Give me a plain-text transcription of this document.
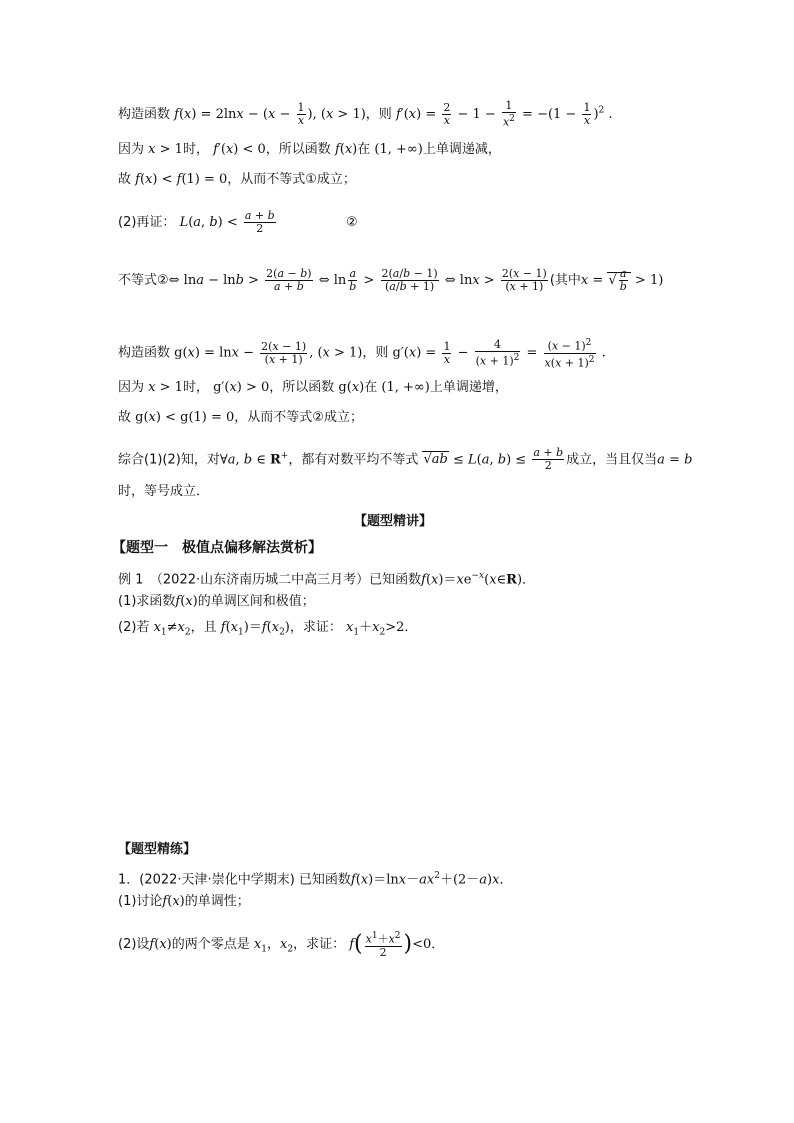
构造函数 $f(x) = 2\ln x - (x - \frac{1}{x}$ ), (x > 1)，则 $f'(x) = \frac{2}{x} - 1 - \frac{1}{x^2} = -(1 - \frac{1}{x} )^2$ .
因为 x > 1时， f′(x) < 0，所以函数 f(x)在 (1, +∞)上单调递减，
故 f(x) < f(1) = 0，从而不等式①成立；
(2)再证： L(a, $b) < \frac{a + b}{2}$	②
不等式②⇔ $\ln a - \ln b > \frac{2(a - b)}{a + b}$ ⇔ $\ln \frac{a}{b} > \frac{2(a/b - 1)}{(a/b + 1)}$ ⇔ $\ln x > \frac{2(x - 1)}{(x + 1)}$ (其中x = √ $\frac{a}{b} > 1$)
构造函数 $g(x) = \ln x - \frac{2(x - 1)}{(x + 1)}$ , (x > 1)，则 $g'(x) = \frac{1}{x} - \frac{4}{(x + 1)^2} = \frac{(x - 1)^2}{x(x + 1)^2}$ .
因为 x > 1时， g′(x) > 0，所以函数 g(x)在 (1, +∞)上单调递增，
故 g(x) < g(1) = 0，从而不等式②成立；
综合(1)(2)知，对∀a, b ∈ R+，都有对数平均不等式 √ab ≤ L(a, $b) \le \frac{a + b}{2}$ 成立，当且仅当a = b
时，等号成立．
【题型精讲】
【题型一　极值点偏移解法赏析】
例 1　（2022·山东济南历城二中高三月考）已知函数$f(x)=xe^{-x}(x\in R)$．
(1)求函数f(x)的单调区间和极值；
(2)若 $x_1\ne x_2$，且 $f(x_1)=f(x_2)$，求证： $x_1+x_2>2$．
【题型精练】
1．(2022·天津·崇化中学期末) 已知函数$f(x)=\ln x-ax^2+(2-a)x$．
(1)讨论f(x)的单调性；
(2)设f(x)的两个零点是 $x_1$，$x_2$，求证： $f( \frac{x^1+x^2}{2} )<0$．
